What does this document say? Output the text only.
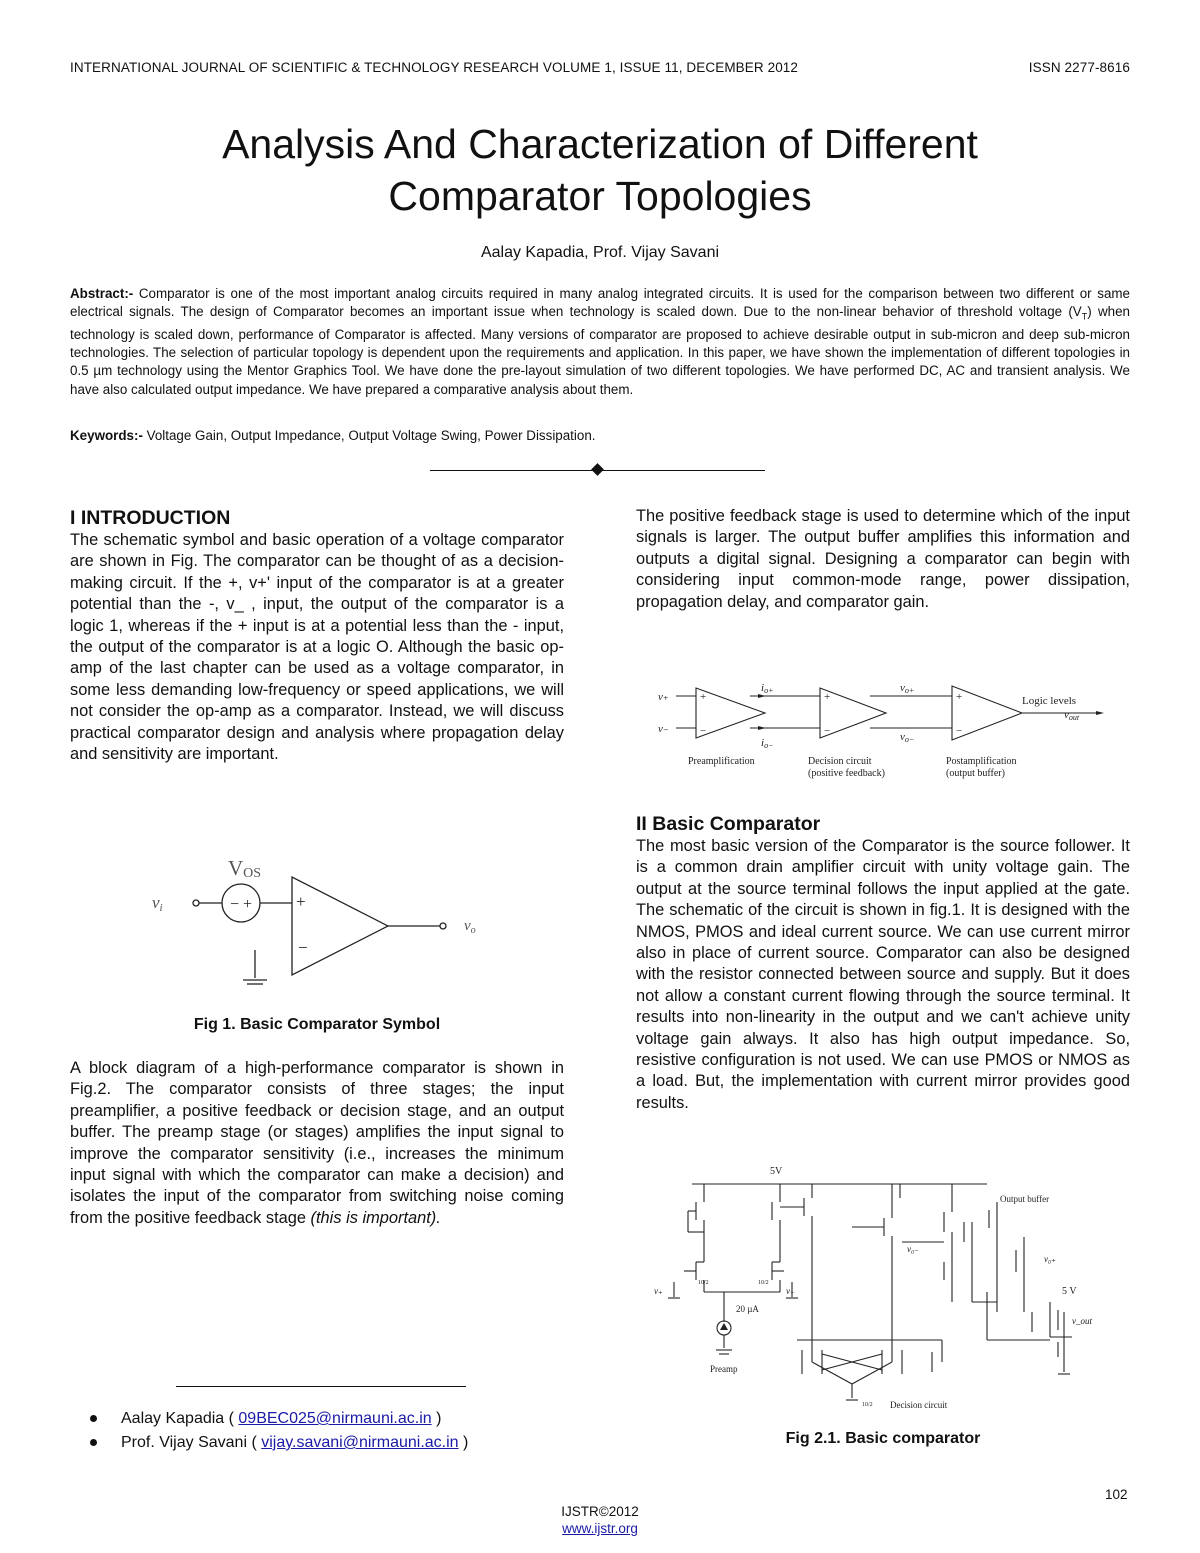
INTERNATIONAL JOURNAL OF SCIENTIFIC & TECHNOLOGY RESEARCH VOLUME 1, ISSUE 11, DECEMBER 2012	ISSN 2277-8616
Analysis And Characterization of Different
Comparator Topologies
Aalay Kapadia, Prof. Vijay Savani
Abstract:- Comparator is one of the most important analog circuits required in many analog integrated circuits. It is used for the comparison between two different or same electrical signals. The design of Comparator becomes an important issue when technology is scaled down. Due to the non-linear behavior of threshold voltage $(V_T)$ when technology is scaled down, performance of Comparator is affected. Many versions of comparator are proposed to achieve desirable output in sub-micron and deep sub-micron technologies. The selection of particular topology is dependent upon the requirements and application. In this paper, we have shown the implementation of different topologies in 0.5 µm technology using the Mentor Graphics Tool. We have done the pre-layout simulation of two different topologies. We have performed DC, AC and transient analysis. We have also calculated output impedance. We have prepared a comparative analysis about them.
Keywords:- Voltage Gain, Output Impedance, Output Voltage Swing, Power Dissipation.
I INTRODUCTION

The schematic symbol and basic operation of a voltage comparator are shown in Fig. The comparator can be thought of as a decision-making circuit. If the +, v+' input of the comparator is at a greater potential than the -, v_ , input, the output of the comparator is a logic 1, whereas if the + input is at a potential less than the - input, the output of the comparator is at a logic O. Although the basic op-amp of the last chapter can be used as a voltage comparator, in some less demanding low-frequency or speed applications, we will not consider the op-amp as a comparator. Instead, we will discuss practical comparator design and analysis where propagation delay and sensitivity are important.

VOS
vi	− +	+
−
$v_o$
Fig 1. Basic Comparator Symbol

A block diagram of a high-performance comparator is shown in Fig.2. The comparator consists of three stages; the input preamplifier, a positive feedback or decision stage, and an output buffer. The preamp stage (or stages) amplifies the input signal to improve the comparator sensitivity (i.e., increases the minimum input signal with which the comparator can make a decision) and isolates the input of the comparator from switching noise coming from the positive feedback stage (this is important).

Aalay Kapadia ( 09BEC025@nirmauni.ac.in )
Prof. Vijay Savani ( vijay.savani@nirmauni.ac.in )

The positive feedback stage is used to determine which of the input signals is larger. The output buffer amplifies this information and outputs a digital signal. Designing a comparator can begin with considering input common-mode range, power dissipation, propagation delay, and comparator gain.

v₊
v₋
+
−
+
−
+
−
io+
io−
vo+
vo−
Logic levels
vout
Preamplification	Decision circuit
(positive feedback)
Postamplification
(output buffer)
II Basic Comparator

The most basic version of the Comparator is the source follower. It is a common drain amplifier circuit with unity voltage gain. The output at the source terminal follows the input applied at the gate. The schematic of the circuit is shown in fig.1. It is designed with the NMOS, PMOS and ideal current source. We can use current mirror also in place of current source. Comparator can also be designed with the resistor connected between source and supply. But it does not allow a constant current flowing through the source terminal. It results into non-linearity in the output and we can't achieve unity voltage gain always. It also has high output impedance. So, resistive configuration is not used. We can use PMOS or NMOS as a load. But, the implementation with current mirror provides good results.

5V
Output buffer
v₊	v₋
v₀₋
v₀₊
5 V
v_out
20 µA
Preamp
Decision circuit
10/2	10/2
10/2
Fig 2.1. Basic comparator
102
IJSTR©2012
www.ijstr.org
